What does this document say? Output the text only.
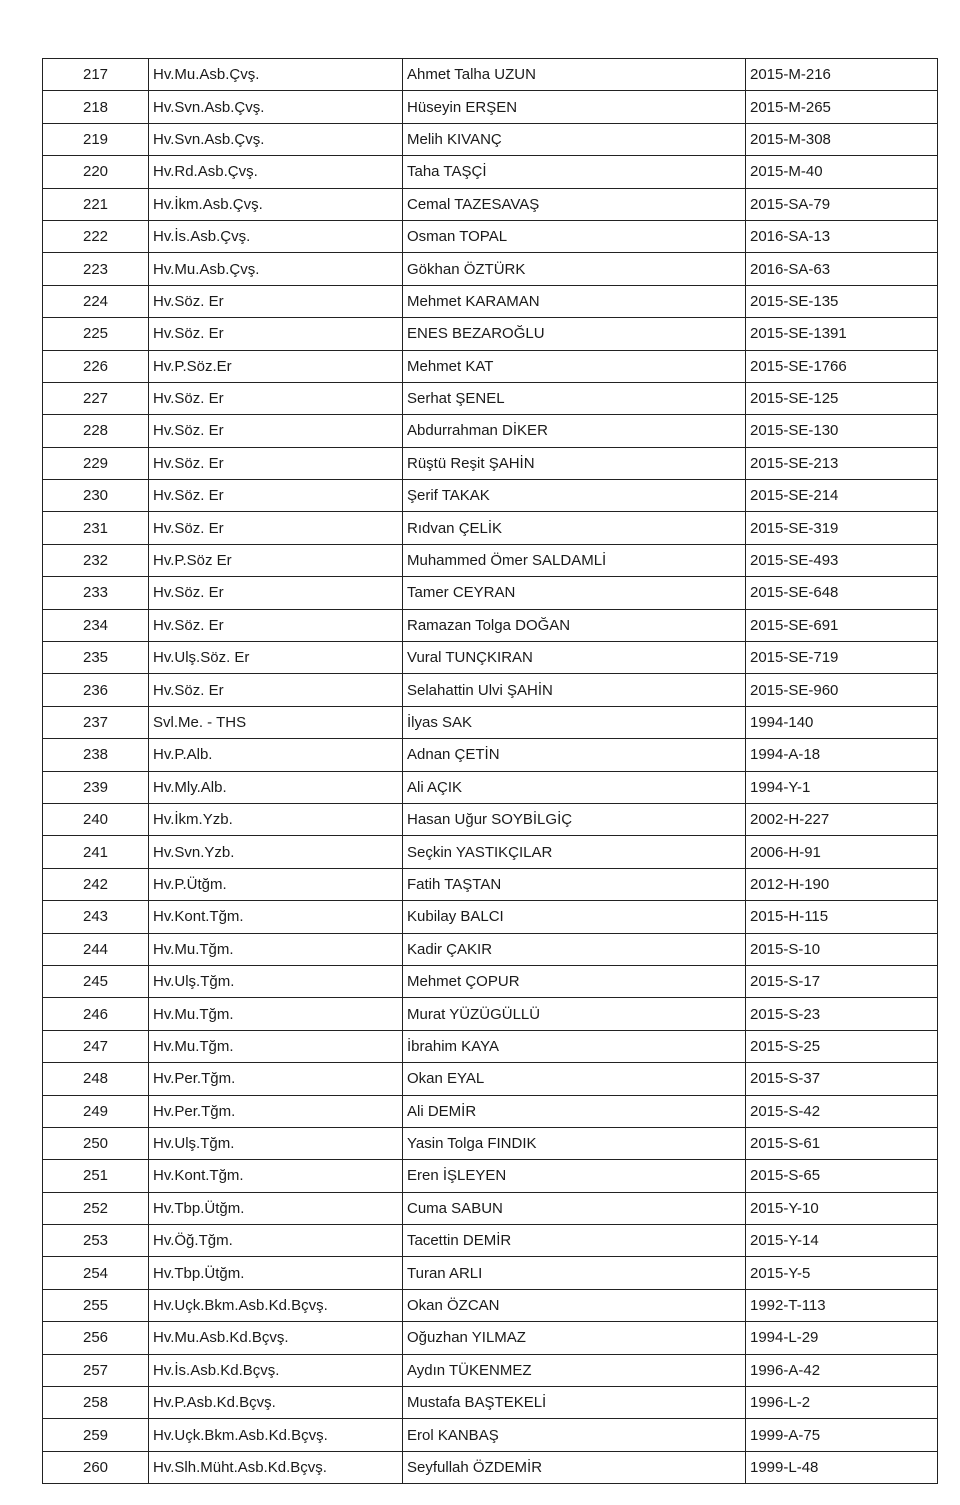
217	Hv.Mu.Asb.Çvş.	Ahmet Talha UZUN	2015-M-216
218	Hv.Svn.Asb.Çvş.	Hüseyin ERŞEN	2015-M-265
219	Hv.Svn.Asb.Çvş.	Melih KIVANÇ	2015-M-308
220	Hv.Rd.Asb.Çvş.	Taha TAŞÇİ	2015-M-40
221	Hv.İkm.Asb.Çvş.	Cemal TAZESAVAŞ	2015-SA-79
222	Hv.İs.Asb.Çvş.	Osman TOPAL	2016-SA-13
223	Hv.Mu.Asb.Çvş.	Gökhan ÖZTÜRK	2016-SA-63
224	Hv.Söz. Er	Mehmet KARAMAN	2015-SE-135
225	Hv.Söz. Er	ENES BEZAROĞLU	2015-SE-1391
226	Hv.P.Söz.Er	Mehmet KAT	2015-SE-1766
227	Hv.Söz. Er	Serhat ŞENEL	2015-SE-125
228	Hv.Söz. Er	Abdurrahman DİKER	2015-SE-130
229	Hv.Söz. Er	Rüştü Reşit ŞAHİN	2015-SE-213
230	Hv.Söz. Er	Şerif TAKAK	2015-SE-214
231	Hv.Söz. Er	Rıdvan ÇELİK	2015-SE-319
232	Hv.P.Söz Er	Muhammed Ömer SALDAMLİ	2015-SE-493
233	Hv.Söz. Er	Tamer CEYRAN	2015-SE-648
234	Hv.Söz. Er	Ramazan Tolga DOĞAN	2015-SE-691
235	Hv.Ulş.Söz. Er	Vural TUNÇKIRAN	2015-SE-719
236	Hv.Söz. Er	Selahattin Ulvi ŞAHİN	2015-SE-960
237	Svl.Me. - THS	İlyas SAK	1994-140
238	Hv.P.Alb.	Adnan ÇETİN	1994-A-18
239	Hv.Mly.Alb.	Ali AÇIK	1994-Y-1
240	Hv.İkm.Yzb.	Hasan Uğur SOYBİLGİÇ	2002-H-227
241	Hv.Svn.Yzb.	Seçkin YASTIKÇILAR	2006-H-91
242	Hv.P.Ütğm.	Fatih TAŞTAN	2012-H-190
243	Hv.Kont.Tğm.	Kubilay BALCI	2015-H-115
244	Hv.Mu.Tğm.	Kadir ÇAKIR	2015-S-10
245	Hv.Ulş.Tğm.	Mehmet ÇOPUR	2015-S-17
246	Hv.Mu.Tğm.	Murat YÜZÜGÜLLÜ	2015-S-23
247	Hv.Mu.Tğm.	İbrahim KAYA	2015-S-25
248	Hv.Per.Tğm.	Okan EYAL	2015-S-37
249	Hv.Per.Tğm.	Ali DEMİR	2015-S-42
250	Hv.Ulş.Tğm.	Yasin Tolga FINDIK	2015-S-61
251	Hv.Kont.Tğm.	Eren İŞLEYEN	2015-S-65
252	Hv.Tbp.Ütğm.	Cuma SABUN	2015-Y-10
253	Hv.Öğ.Tğm.	Tacettin DEMİR	2015-Y-14
254	Hv.Tbp.Ütğm.	Turan ARLI	2015-Y-5
255	Hv.Uçk.Bkm.Asb.Kd.Bçvş.	Okan ÖZCAN	1992-T-113
256	Hv.Mu.Asb.Kd.Bçvş.	Oğuzhan YILMAZ	1994-L-29
257	Hv.İs.Asb.Kd.Bçvş.	Aydın TÜKENMEZ	1996-A-42
258	Hv.P.Asb.Kd.Bçvş.	Mustafa BAŞTEKELİ	1996-L-2
259	Hv.Uçk.Bkm.Asb.Kd.Bçvş.	Erol KANBAŞ	1999-A-75
260	Hv.Slh.Müht.Asb.Kd.Bçvş.	Seyfullah ÖZDEMİR	1999-L-48
